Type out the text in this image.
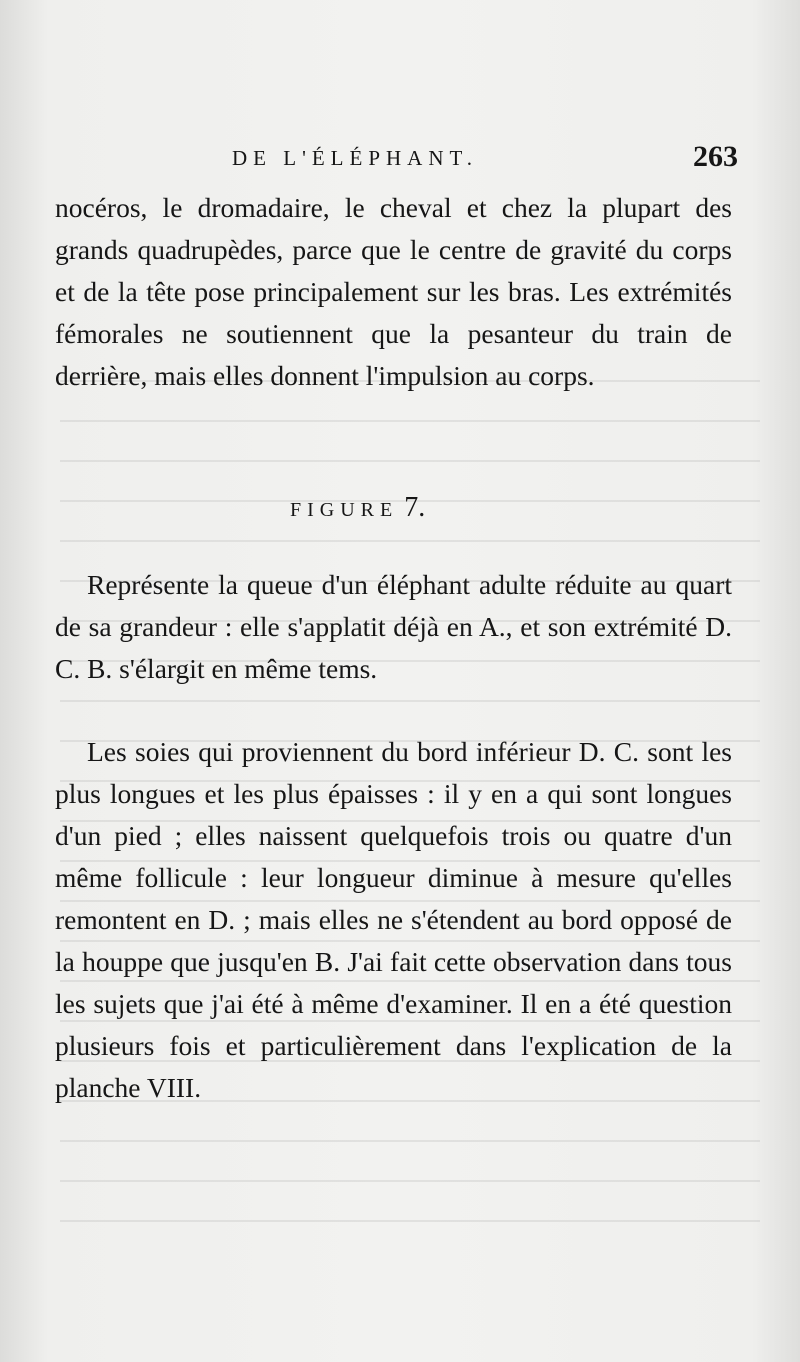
DE L'ÉLÉPHANT.	263

nocéros, le dromadaire, le cheval et chez la plupart des grands quadrupèdes, parce que le centre de gravité du corps et de la tête pose principalement sur les bras. Les extrémités fémorales ne soutiennent que la pesanteur du train de derrière, mais elles donnent l'impulsion au corps.

FIGURE 7.

Représente la queue d'un éléphant adulte réduite au quart de sa grandeur : elle s'applatit déjà en A., et son extrémité D. C. B. s'élargit en même tems.

Les soies qui proviennent du bord inférieur D. C. sont les plus longues et les plus épaisses : il y en a qui sont longues d'un pied ; elles naissent quelquefois trois ou quatre d'un même follicule : leur longueur diminue à mesure qu'elles remontent en D. ; mais elles ne s'étendent au bord opposé de la houppe que jusqu'en B. J'ai fait cette observation dans tous les sujets que j'ai été à même d'examiner. Il en a été question plusieurs fois et particulièrement dans l'explication de la planche VIII.
